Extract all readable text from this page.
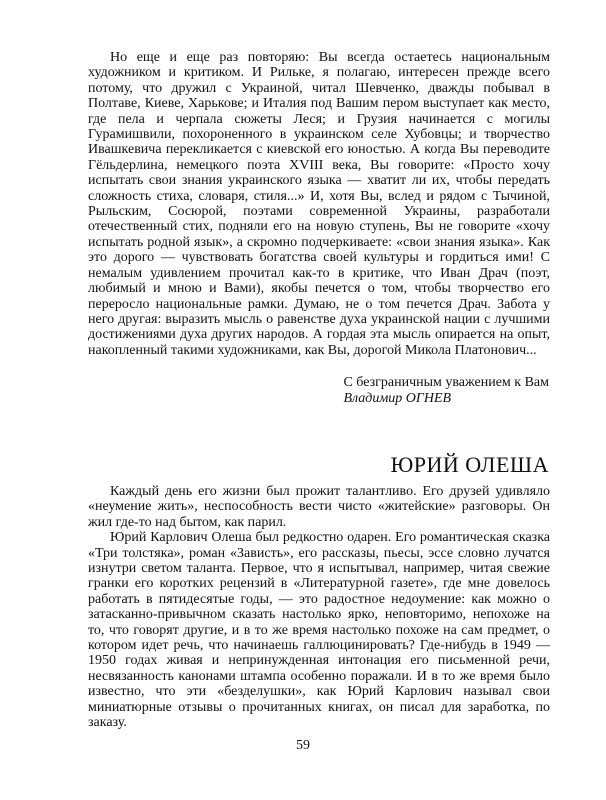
Но еще и еще раз повторяю: Вы всегда остаетесь национальным художником и критиком. И Рильке, я полагаю, интересен прежде всего потому, что дружил с Украиной, читал Шевченко, дважды побывал в Полтаве, Киеве, Харькове; и Италия под Вашим пером выступает как место, где пела и черпала сюжеты Леся; и Грузия начинается с могилы Гурамишвили, похороненного в украинском селе Хубовцы; и творчество Ивашкевича перекликается с киевской его юностью. А когда Вы переводите Гёльдерлина, немецкого поэта XVIII века, Вы говорите: «Просто хочу испытать свои знания украинского языка — хватит ли их, чтобы передать сложность стиха, словаря, стиля...» И, хотя Вы, вслед и рядом с Тычиной, Рыльским, Сосюрой, поэтами современной Украины, разработали отечественный стих, подняли его на новую ступень, Вы не говорите «хочу испытать родной язык», а скромно подчеркиваете: «свои знания языка». Как это дорого — чувствовать богатства своей культуры и гордиться ими! С немалым удивлением прочитал как-то в критике, что Иван Драч (поэт, любимый и мною и Вами), якобы печется о том, чтобы творчество его переросло национальные рамки. Думаю, не о том печется Драч. Забота у него другая: выразить мысль о равенстве духа украинской нации с лучшими достижениями духа других народов. А гордая эта мысль опирается на опыт, накопленный такими художниками, как Вы, дорогой Микола Платонович...

С безграничным уважением к Вам
Владимир ОГНЕВ
ЮРИЙ ОЛЕША

Каждый день его жизни был прожит талантливо. Его друзей удивляло «неумение жить», неспособность вести чисто «житейские» разговоры. Он жил где-то над бытом, как парил.

Юрий Карлович Олеша был редкостно одарен. Его романтическая сказка «Три толстяка», роман «Зависть», его рассказы, пьесы, эссе словно лучатся изнутри светом таланта. Первое, что я испытывал, например, читая свежие гранки его коротких рецензий в «Литературной газете», где мне довелось работать в пятидесятые годы, — это радостное недоумение: как можно о затасканно-привычном сказать настолько ярко, неповторимо, непохоже на то, что говорят другие, и в то же время настолько похоже на сам предмет, о котором идет речь, что начинаешь галлюцинировать? Где-нибудь в 1949 — 1950 годах живая и непринужденная интонация его письменной речи, несвязанность канонами штампа особенно поражали. И в то же время было известно, что эти «безделушки», как Юрий Карлович называл свои миниатюрные отзывы о прочитанных книгах, он писал для заработка, по заказу.

59
